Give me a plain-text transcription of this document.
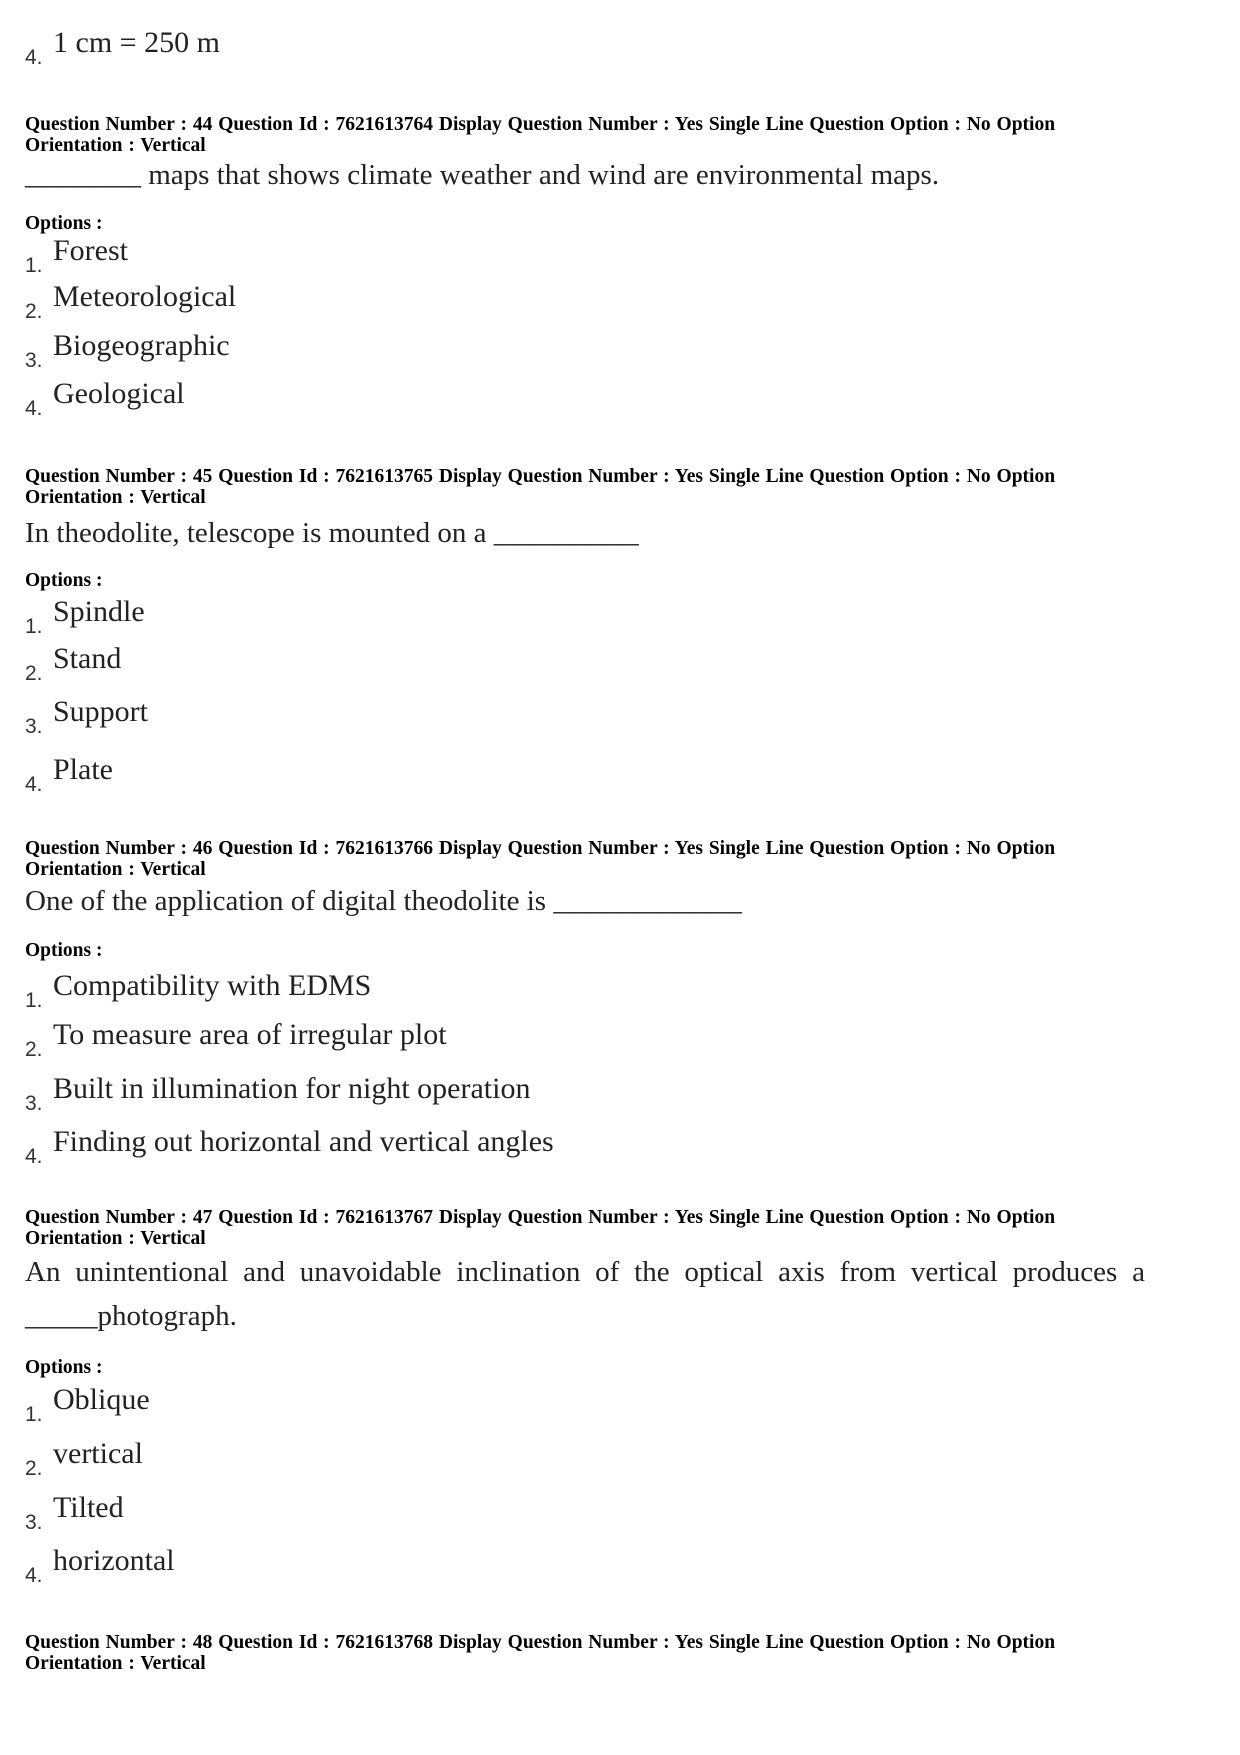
4. 1 cm = 250 m
Question Number : 44 Question Id : 7621613764 Display Question Number : Yes Single Line Question Option : No Option
Orientation : Vertical
________ maps that shows climate weather and wind are environmental maps.
Options :
1. Forest
2. Meteorological
3. Biogeographic
4. Geological
Question Number : 45 Question Id : 7621613765 Display Question Number : Yes Single Line Question Option : No Option
Orientation : Vertical
In theodolite, telescope is mounted on a __________
Options :
1. Spindle
2. Stand
3. Support
4. Plate
Question Number : 46 Question Id : 7621613766 Display Question Number : Yes Single Line Question Option : No Option
Orientation : Vertical
One of the application of digital theodolite is _____________
Options :
1. Compatibility with EDMS
2. To measure area of irregular plot
3. Built in illumination for night operation
4. Finding out horizontal and vertical angles
Question Number : 47 Question Id : 7621613767 Display Question Number : Yes Single Line Question Option : No Option
Orientation : Vertical
An unintentional and unavoidable inclination of the optical axis from vertical produces a _____photograph.
Options :
1. Oblique
2. vertical
3. Tilted
4. horizontal
Question Number : 48 Question Id : 7621613768 Display Question Number : Yes Single Line Question Option : No Option
Orientation : Vertical
